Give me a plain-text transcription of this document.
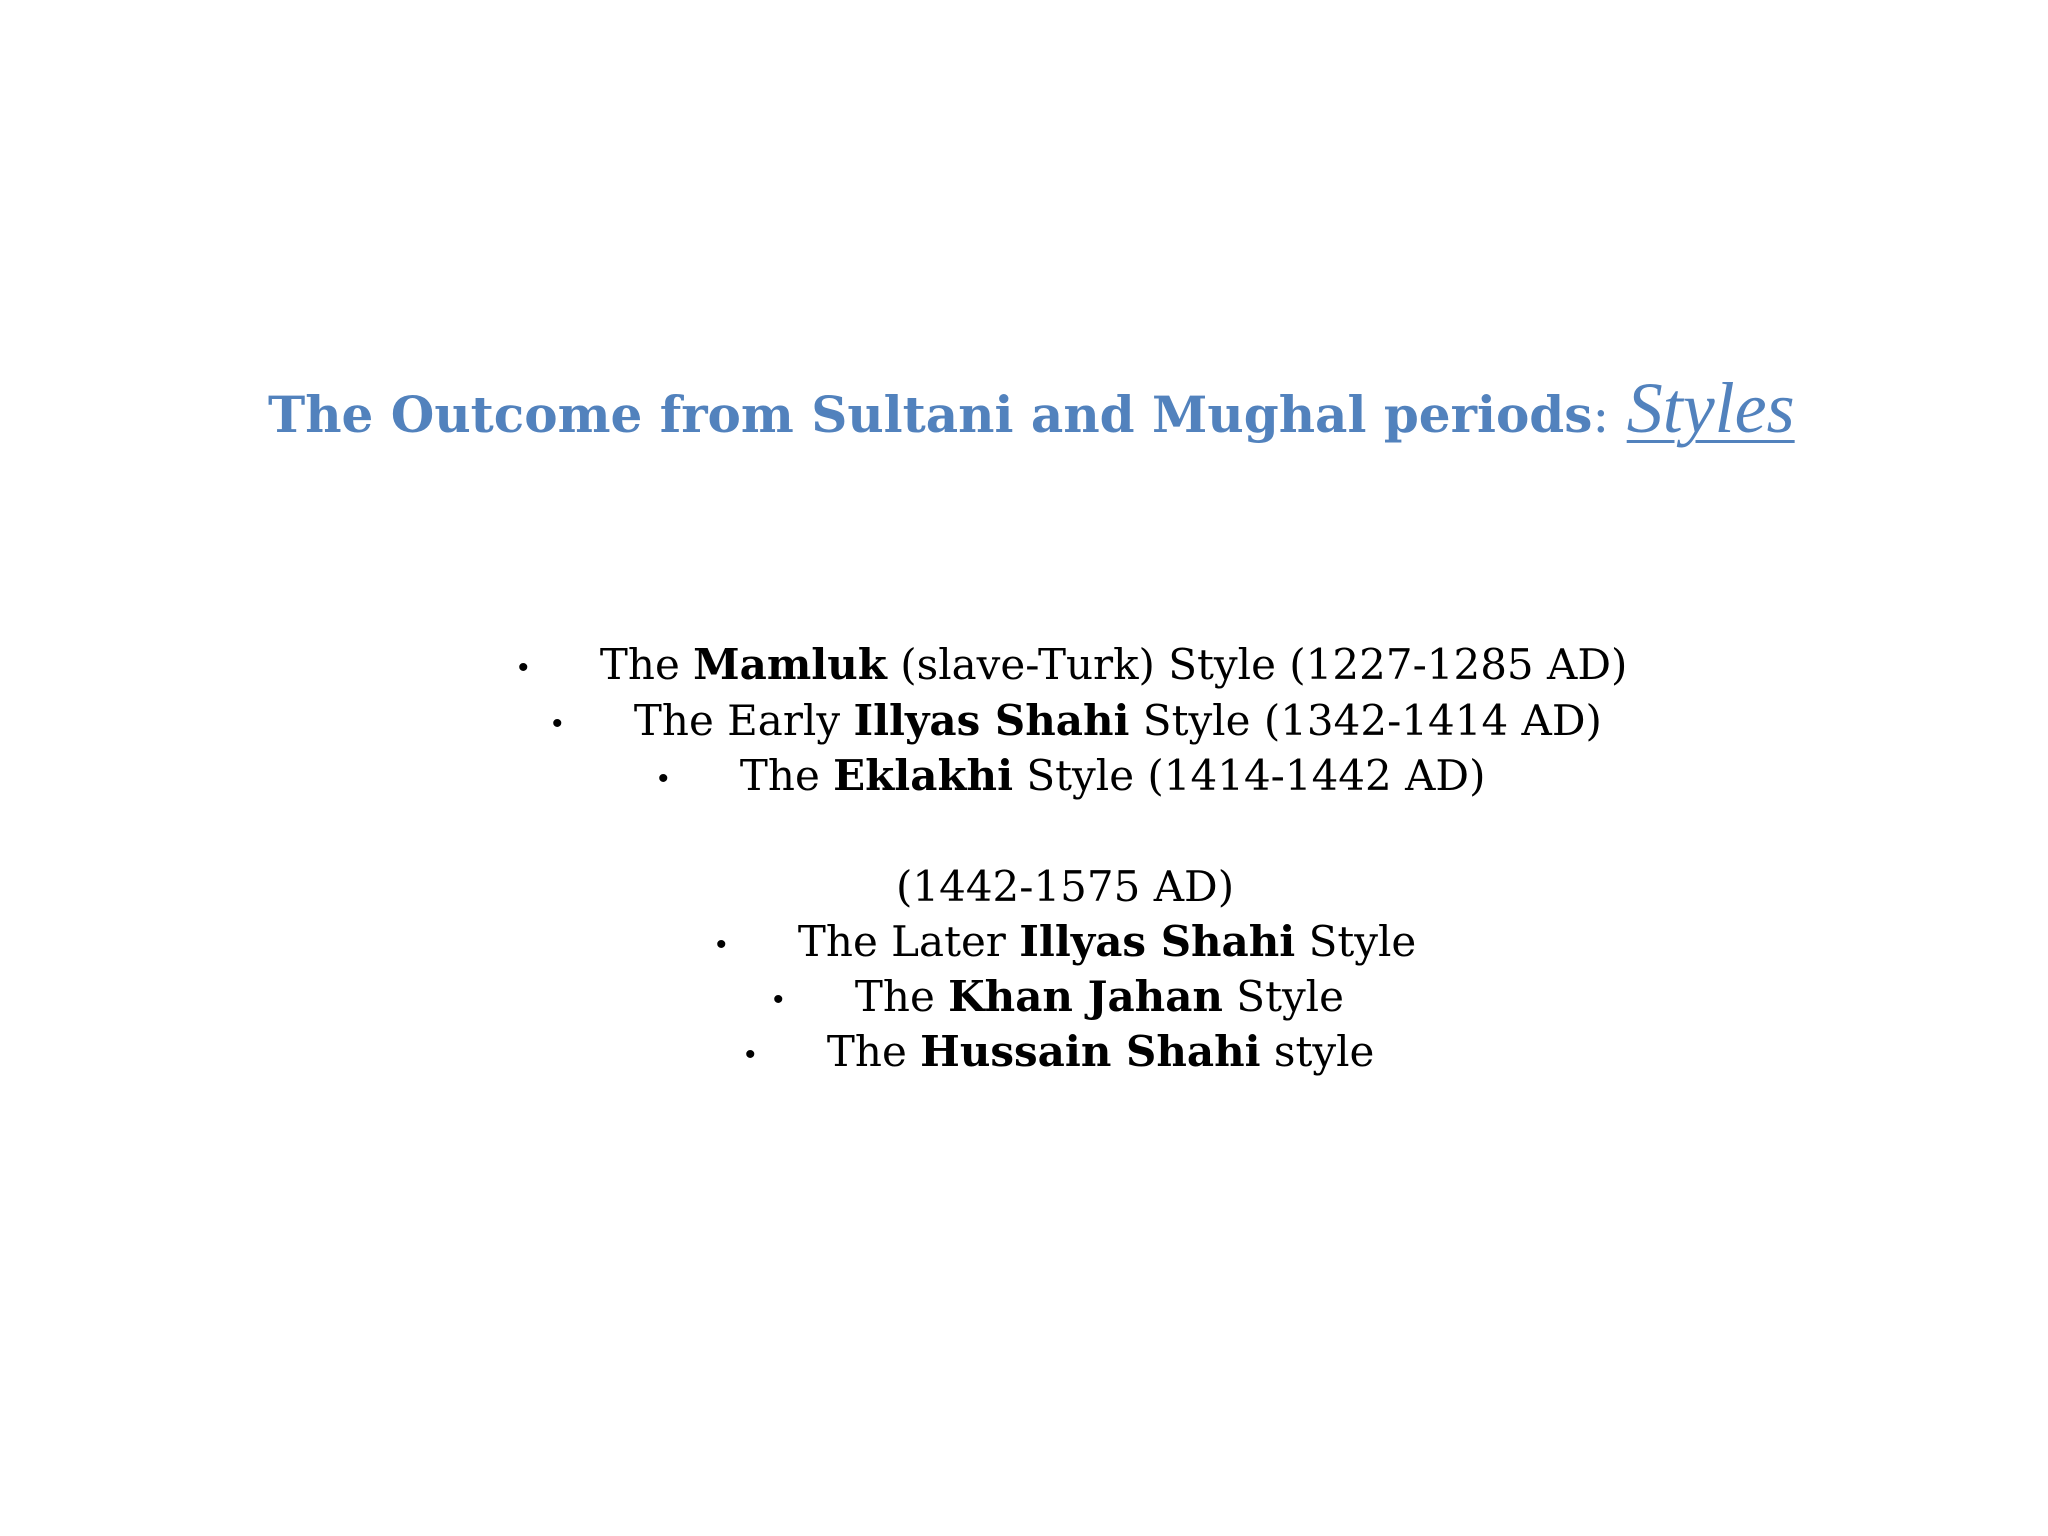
The Outcome from Sultani and Mughal periods: Styles
• The Mamluk (slave-Turk) Style (1227-1285 AD)
• The Early Illyas Shahi Style (1342-1414 AD)
• The Eklakhi Style (1414-1442 AD)
(1442-1575 AD)
• The Later Illyas Shahi Style
• The Khan Jahan Style
• The Hussain Shahi style
